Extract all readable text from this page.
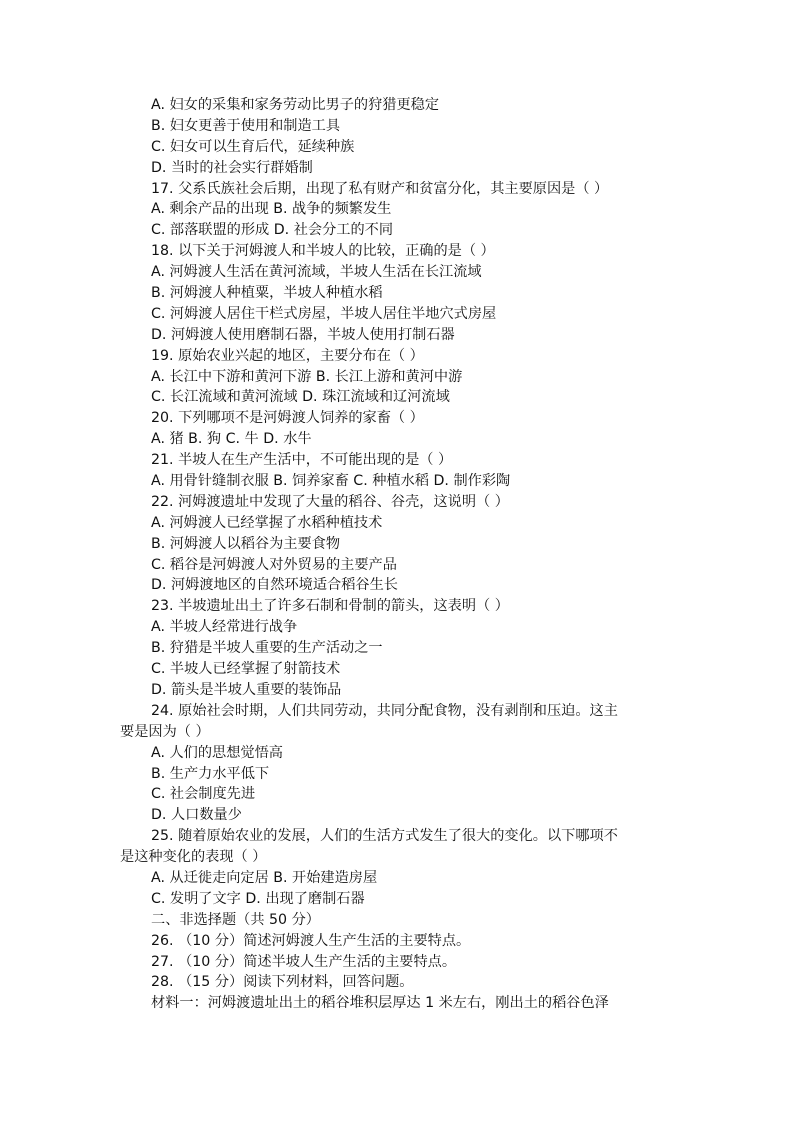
A. 妇女的采集和家务劳动比男子的狩猎更稳定
B. 妇女更善于使用和制造工具
C. 妇女可以生育后代，延续种族
D. 当时的社会实行群婚制
17. 父系氏族社会后期，出现了私有财产和贫富分化，其主要原因是（ ）
A. 剩余产品的出现 B. 战争的频繁发生
C. 部落联盟的形成 D. 社会分工的不同
18. 以下关于河姆渡人和半坡人的比较，正确的是（ ）
A. 河姆渡人生活在黄河流域，半坡人生活在长江流域
B. 河姆渡人种植粟，半坡人种植水稻
C. 河姆渡人居住干栏式房屋，半坡人居住半地穴式房屋
D. 河姆渡人使用磨制石器，半坡人使用打制石器
19. 原始农业兴起的地区，主要分布在（ ）
A. 长江中下游和黄河下游 B. 长江上游和黄河中游
C. 长江流域和黄河流域 D. 珠江流域和辽河流域
20. 下列哪项不是河姆渡人饲养的家畜（ ）
A. 猪 B. 狗 C. 牛 D. 水牛
21. 半坡人在生产生活中，不可能出现的是（ ）
A. 用骨针缝制衣服 B. 饲养家畜 C. 种植水稻 D. 制作彩陶
22. 河姆渡遗址中发现了大量的稻谷、谷壳，这说明（ ）
A. 河姆渡人已经掌握了水稻种植技术
B. 河姆渡人以稻谷为主要食物
C. 稻谷是河姆渡人对外贸易的主要产品
D. 河姆渡地区的自然环境适合稻谷生长
23. 半坡遗址出土了许多石制和骨制的箭头，这表明（ ）
A. 半坡人经常进行战争
B. 狩猎是半坡人重要的生产活动之一
C. 半坡人已经掌握了射箭技术
D. 箭头是半坡人重要的装饰品
24. 原始社会时期，人们共同劳动，共同分配食物，没有剥削和压迫。这主
要是因为（ ）
A. 人们的思想觉悟高
B. 生产力水平低下
C. 社会制度先进
D. 人口数量少
25. 随着原始农业的发展，人们的生活方式发生了很大的变化。以下哪项不
是这种变化的表现（ ）
A. 从迁徙走向定居 B. 开始建造房屋
C. 发明了文字 D. 出现了磨制石器
二、非选择题（共 50 分）
26. （10 分）简述河姆渡人生产生活的主要特点。
27. （10 分）简述半坡人生产生活的主要特点。
28. （15 分）阅读下列材料，回答问题。
材料一：河姆渡遗址出土的稻谷堆积层厚达 1 米左右，刚出土的稻谷色泽
